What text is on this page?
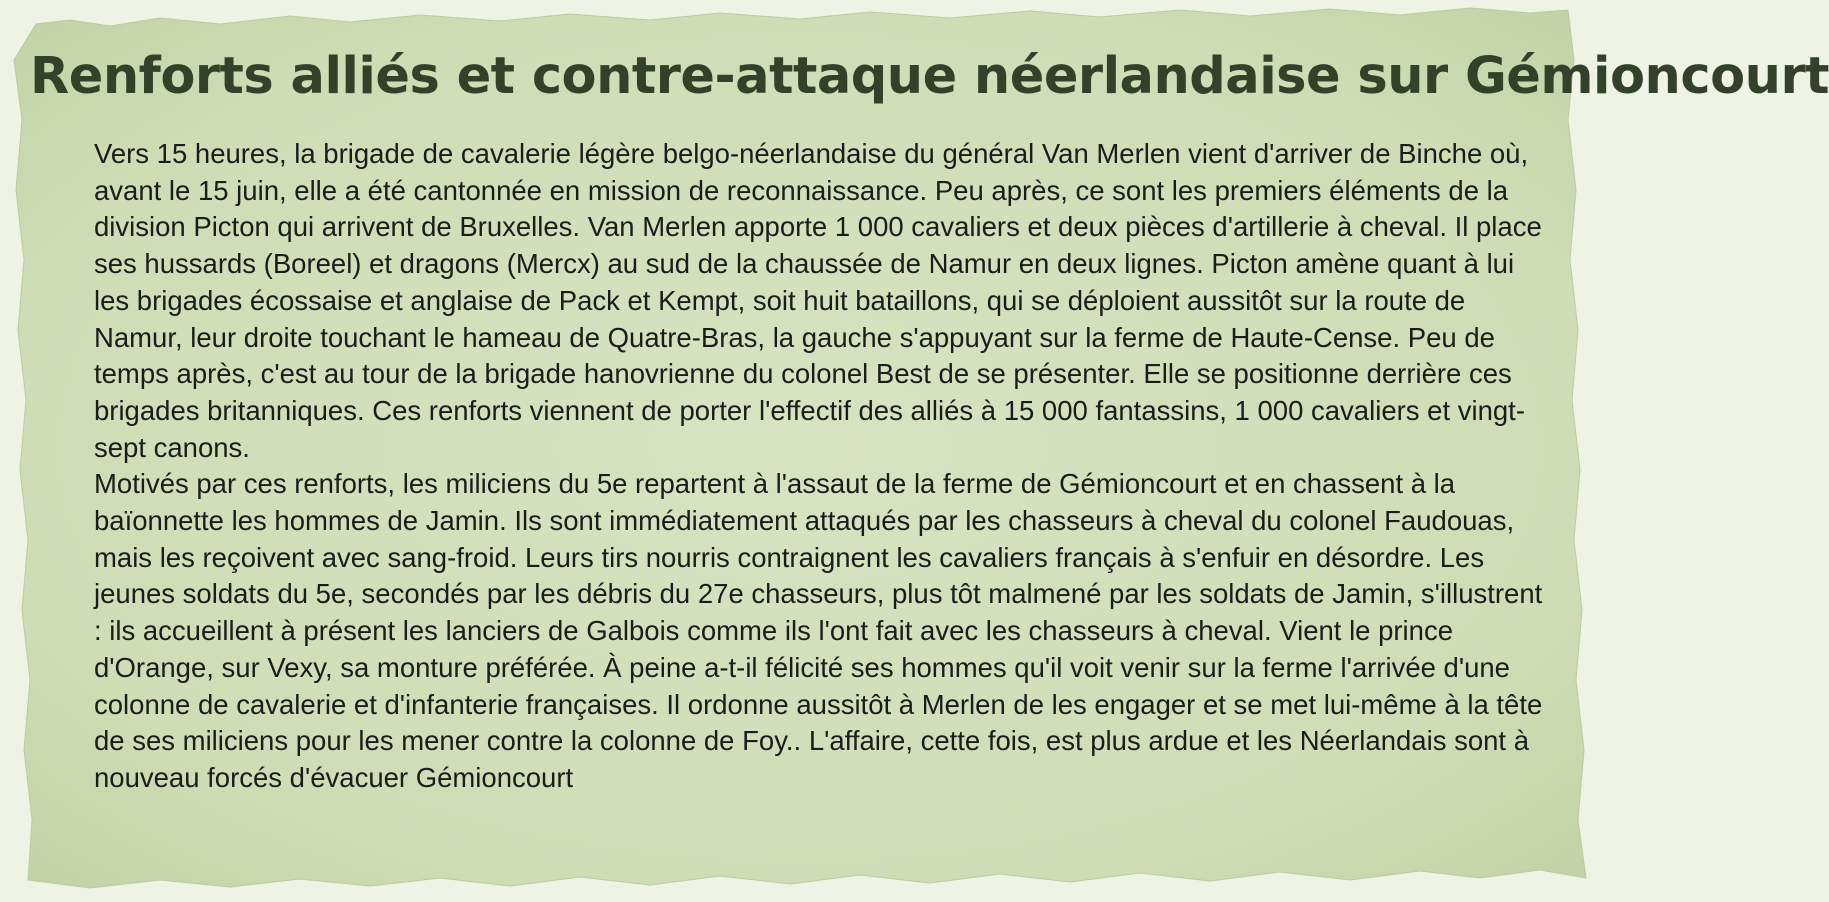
Renforts alliés et contre-attaque néerlandaise sur Gémioncourt

Vers 15 heures, la brigade de cavalerie légère belgo-néerlandaise du général Van Merlen vient d'arriver de Binche où, avant le 15 juin, elle a été cantonnée en mission de reconnaissance. Peu après, ce sont les premiers éléments de la division Picton qui arrivent de Bruxelles. Van Merlen apporte 1 000 cavaliers et deux pièces d'artillerie à cheval. Il place ses hussards (Boreel) et dragons (Mercx) au sud de la chaussée de Namur en deux lignes. Picton amène quant à lui les brigades écossaise et anglaise de Pack et Kempt, soit huit bataillons, qui se déploient aussitôt sur la route de Namur, leur droite touchant le hameau de Quatre-Bras, la gauche s'appuyant sur la ferme de Haute-Cense. Peu de temps après, c'est au tour de la brigade hanovrienne du colonel Best de se présenter. Elle se positionne derrière ces brigades britanniques. Ces renforts viennent de porter l'effectif des alliés à 15 000 fantassins, 1 000 cavaliers et vingt-sept canons.

Motivés par ces renforts, les miliciens du 5e repartent à l'assaut de la ferme de Gémioncourt et en chassent à la baïonnette les hommes de Jamin. Ils sont immédiatement attaqués par les chasseurs à cheval du colonel Faudouas, mais les reçoivent avec sang-froid. Leurs tirs nourris contraignent les cavaliers français à s'enfuir en désordre. Les jeunes soldats du 5e, secondés par les débris du 27e chasseurs, plus tôt malmené par les soldats de Jamin, s'illustrent : ils accueillent à présent les lanciers de Galbois comme ils l'ont fait avec les chasseurs à cheval. Vient le prince d'Orange, sur Vexy, sa monture préférée. À peine a-t-il félicité ses hommes qu'il voit venir sur la ferme l'arrivée d'une colonne de cavalerie et d'infanterie françaises. Il ordonne aussitôt à Merlen de les engager et se met lui-même à la tête de ses miliciens pour les mener contre la colonne de Foy.. L'affaire, cette fois, est plus ardue et les Néerlandais sont à nouveau forcés d'évacuer Gémioncourt
